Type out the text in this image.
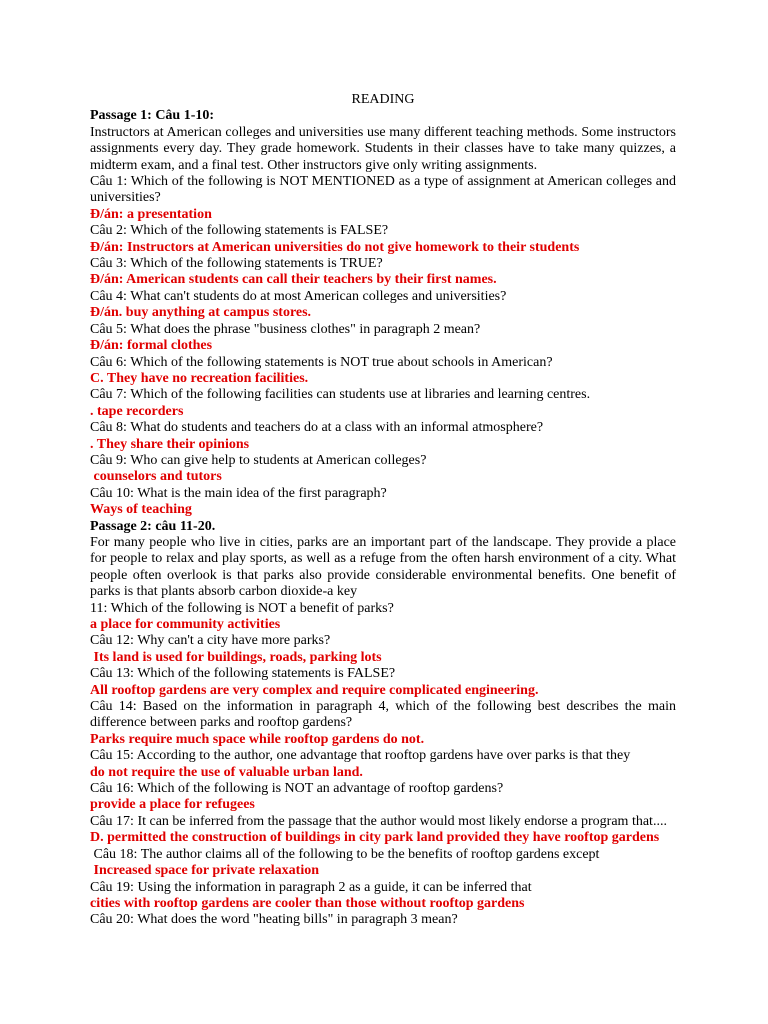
READING
Passage 1: Câu 1-10:
Instructors at American colleges and universities use many different teaching methods. Some instructors assignments every day. They grade homework. Students in their classes have to take many quizzes, a midterm exam, and a final test. Other instructors give only writing assignments.
Câu 1: Which of the following is NOT MENTIONED as a type of assignment at American colleges and universities?
Đ/án: a presentation
Câu 2: Which of the following statements is FALSE?
Đ/án: Instructors at American universities do not give homework to their students
Câu 3: Which of the following statements is TRUE?
Đ/án: American students can call their teachers by their first names.
Câu 4: What can't students do at most American colleges and universities?
Đ/án. buy anything at campus stores.
Câu 5: What does the phrase "business clothes" in paragraph 2 mean?
Đ/án: formal clothes
Câu 6: Which of the following statements is NOT true about schools in American?
C. They have no recreation facilities.
Câu 7: Which of the following facilities can students use at libraries and learning centres.
. tape recorders
Câu 8: What do students and teachers do at a class with an informal atmosphere?
. They share their opinions
Câu 9: Who can give help to students at American colleges?
counselors and tutors
Câu 10: What is the main idea of the first paragraph?
Ways of teaching
Passage 2: câu 11-20.
For many people who live in cities, parks are an important part of the landscape. They provide a place for people to relax and play sports, as well as a refuge from the often harsh environment of a city. What people often overlook is that parks also provide considerable environmental benefits. One benefit of parks is that plants absorb carbon dioxide-a key
11: Which of the following is NOT a benefit of parks?
a place for community activities
Câu 12: Why can't a city have more parks?
Its land is used for buildings, roads, parking lots
Câu 13: Which of the following statements is FALSE?
All rooftop gardens are very complex and require complicated engineering.
Câu 14: Based on the information in paragraph 4, which of the following best describes the main difference between parks and rooftop gardens?
Parks require much space while rooftop gardens do not.
Câu 15: According to the author, one advantage that rooftop gardens have over parks is that they
do not require the use of valuable urban land.
Câu 16: Which of the following is NOT an advantage of rooftop gardens?
provide a place for refugees
Câu 17: It can be inferred from the passage that the author would most likely endorse a program that....
D. permitted the construction of buildings in city park land provided they have rooftop gardens
Câu 18: The author claims all of the following to be the benefits of rooftop gardens except
Increased space for private relaxation
Câu 19: Using the information in paragraph 2 as a guide, it can be inferred that
cities with rooftop gardens are cooler than those without rooftop gardens
Câu 20: What does the word "heating bills" in paragraph 3 mean?
